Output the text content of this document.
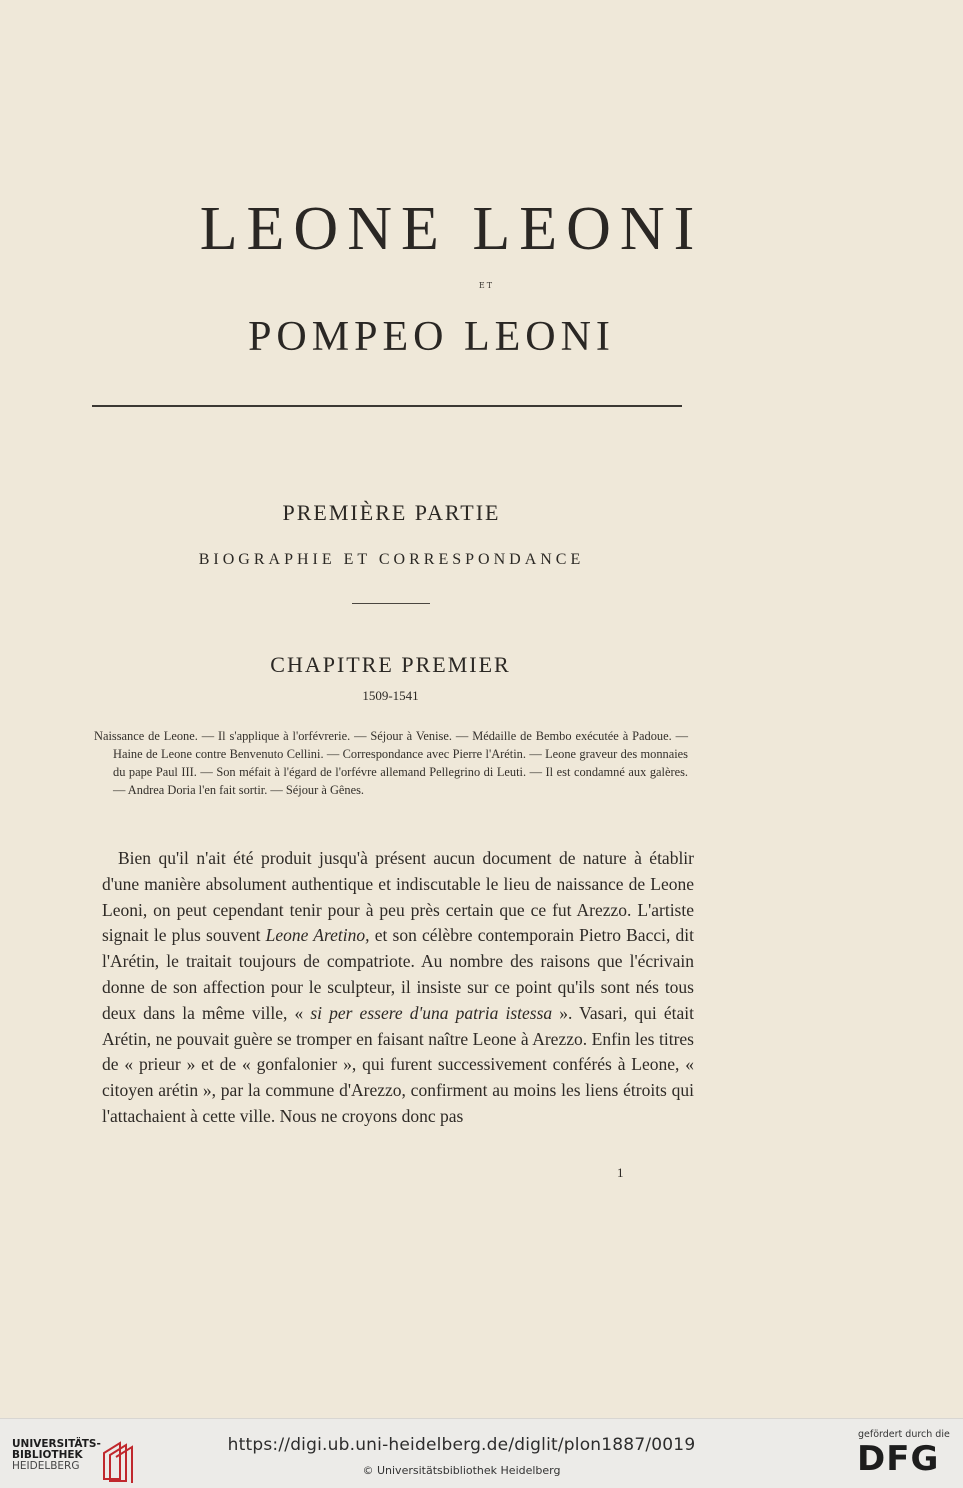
LEONE LEONI
ET
POMPEO LEONI
PREMIÈRE PARTIE
BIOGRAPHIE ET CORRESPONDANCE
CHAPITRE PREMIER
1509-1541

Naissance de Leone. — Il s'applique à l'orfévrerie. — Séjour à Venise. — Médaille de Bembo exécutée à Padoue. — Haine de Leone contre Benvenuto Cellini. — Correspondance avec Pierre l'Arétin. — Leone graveur des monnaies du pape Paul III. — Son méfait à l'égard de l'orfévre allemand Pellegrino di Leuti. — Il est condamné aux galères. — Andrea Doria l'en fait sortir. — Séjour à Gênes.

Bien qu'il n'ait été produit jusqu'à présent aucun document de nature à établir d'une manière absolument authentique et indiscutable le lieu de naissance de Leone Leoni, on peut cependant tenir pour à peu près certain que ce fut Arezzo. L'artiste signait le plus souvent Leone Aretino, et son célèbre contemporain Pietro Bacci, dit l'Arétin, le traitait toujours de compatriote. Au nombre des raisons que l'écrivain donne de son affection pour le sculpteur, il insiste sur ce point qu'ils sont nés tous deux dans la même ville, « si per essere d'una patria istessa ». Vasari, qui était Arétin, ne pouvait guère se tromper en faisant naître Leone à Arezzo. Enfin les titres de « prieur » et de « gonfalonier », qui furent successivement conférés à Leone, « citoyen arétin », par la commune d'Arezzo, confirment au moins les liens étroits qui l'attachaient à cette ville. Nous ne croyons donc pas

1
UNIVERSITÄTS-
BIBLIOTHEK
HEIDELBERG
https://digi.ub.uni-heidelberg.de/diglit/plon1887/0019
© Universitätsbibliothek Heidelberg
gefördert durch die
DFG
